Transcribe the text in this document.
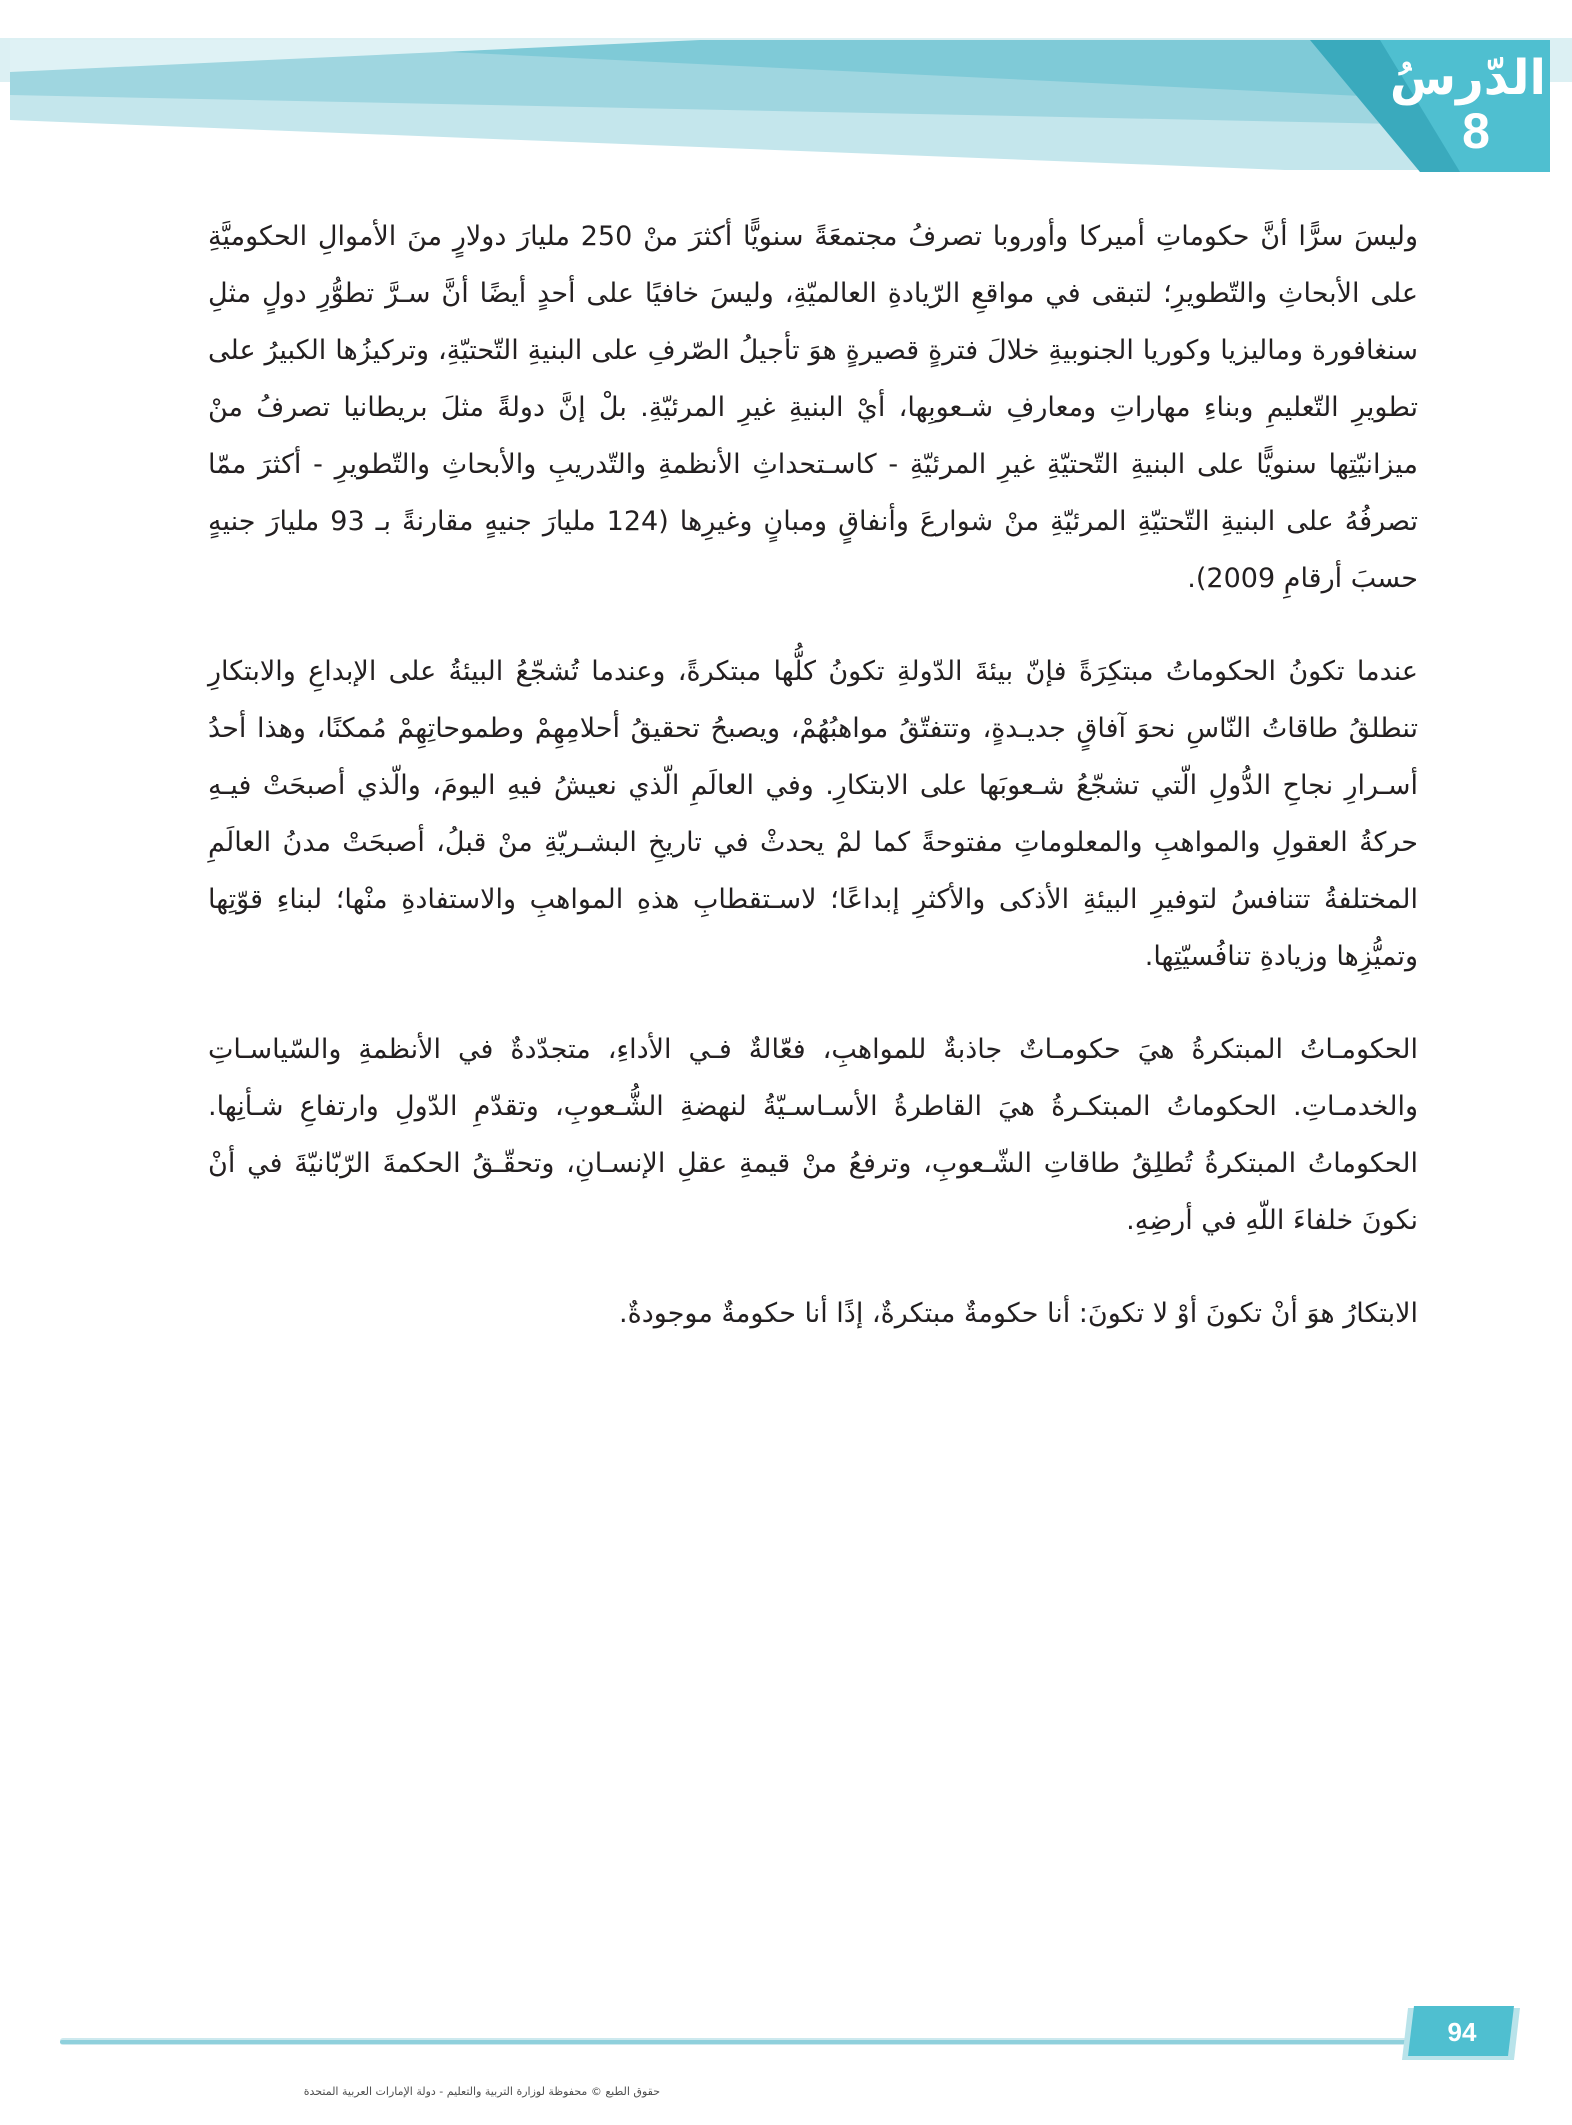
الدّرسُ
8

وليسَ سرًّا أنَّ حكوماتِ أميركا وأوروبا تصرفُ مجتمعَةً سنويًّا أكثرَ منْ 250 مليارَ دولارٍ منَ الأموالِ الحكوميَّةِ على الأبحاثِ والتّطويرِ؛ لتبقى في مواقعِ الرّيادةِ العالميّةِ، وليسَ خافيًا على أحدٍ أيضًا أنَّ سـرَّ تطوُّرِ دولٍ مثلِ سنغافورة وماليزيا وكوريا الجنوبيةِ خلالَ فترةٍ قصيرةٍ هوَ تأجيلُ الصّرفِ على البنيةِ التّحتيّةِ، وتركيزُها الكبيرُ على تطويرِ التّعليمِ وبناءِ مهاراتِ ومعارفِ شـعوبِها، أيْ البنيةِ غيرِ المرئيّةِ. بلْ إنَّ دولةً مثلَ بريطانيا تصرفُ منْ ميزانيّتِها سنويًّا على البنيةِ التّحتيّةِ غيرِ المرئيّةِ - كاسـتحداثِ الأنظمةِ والتّدريبِ والأبحاثِ والتّطويرِ - أكثرَ ممّا تصرفُهُ على البنيةِ التّحتيّةِ المرئيّةِ منْ شوارعَ وأنفاقٍ ومبانٍ وغيرِها (124 مليارَ جنيهٍ مقارنةً بـ 93 مليارَ جنيهٍ حسبَ أرقامِ 2009).

عندما تكونُ الحكوماتُ مبتكِرَةً فإنّ بيئةَ الدّولةِ تكونُ كلُّها مبتكرةً، وعندما تُشجّعُ البيئةُ على الإبداعِ والابتكارِ تنطلقُ طاقاتُ النّاسِ نحوَ آفاقٍ جديـدةٍ، وتتفتّقُ مواهبُهُمْ، ويصبحُ تحقيقُ أحلامِهِمْ وطموحاتِهِمْ مُمكنًا، وهذا أحدُ أسـرارِ نجاحِ الدُّولِ الّتي تشجّعُ شـعوبَها على الابتكارِ. وفي العالَمِ الّذي نعيشُ فيهِ اليومَ، والّذي أصبحَتْ فيـهِ حركةُ العقولِ والمواهبِ والمعلوماتِ مفتوحةً كما لمْ يحدثْ في تاريخِ البشـريّةِ منْ قبلُ، أصبحَتْ مدنُ العالَمِ المختلفةُ تتنافسُ لتوفيرِ البيئةِ الأذكى والأكثرِ إبداعًا؛ لاسـتقطابِ هذهِ المواهبِ والاستفادةِ منْها؛ لبناءِ قوّتِها وتميُّزِها وزيادةِ تنافُسيّتِها.

الحكومـاتُ المبتكرةُ هيَ حكومـاتٌ جاذبةٌ للمواهبِ، فعّالةٌ فـي الأداءِ، متجدّدةٌ في الأنظمةِ والسّياسـاتِ والخدمـاتِ. الحكوماتُ المبتكـرةُ هيَ القاطرةُ الأسـاسـيّةُ لنهضةِ الشُّـعوبِ، وتقدّمِ الدّولِ وارتفاعِ شـأنِها. الحكوماتُ المبتكرةُ تُطلِقُ طاقاتِ الشّـعوبِ، وترفعُ منْ قيمةِ عقلِ الإنسـانِ، وتحقّـقُ الحكمةَ الرّبّانيّةَ في أنْ نكونَ خلفاءَ اللّهِ في أرضِهِ.

الابتكارُ هوَ أنْ تكونَ أوْ لا تكونَ: أنا حكومةٌ مبتكرةٌ، إذًا أنا حكومةٌ موجودةٌ.

94
حقوق الطبع © محفوظة لوزارة التربية والتعليم - دولة الإمارات العربية المتحدة
